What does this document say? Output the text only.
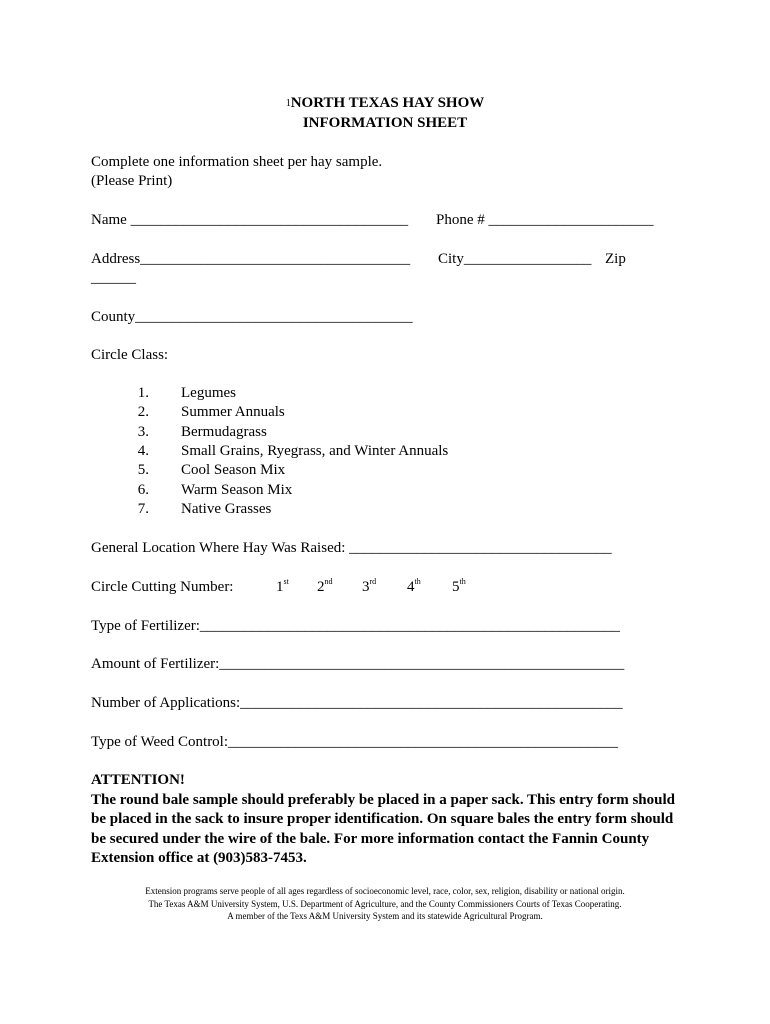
1NORTH TEXAS HAY SHOW
INFORMATION SHEET
Complete one information sheet per hay sample.
(Please Print)
Name _____________________________________ Phone # ______________________
Address____________________________________ City_________________ Zip
______
County_____________________________________
Circle Class:
1. Legumes
2. Summer Annuals
3. Bermudagrass
4. Small Grains, Ryegrass, and Winter Annuals
5. Cool Season Mix
6. Warm Season Mix
7. Native Grasses
General Location Where Hay Was Raised: ___________________________________
Circle Cutting Number:	1st 2nd 3rd 4th 5th
Type of Fertilizer:________________________________________________________
Amount of Fertilizer:______________________________________________________
Number of Applications:___________________________________________________
Type of Weed Control:____________________________________________________
ATTENTION!
The round bale sample should preferably be placed in a paper sack. This entry form should be placed in the sack to insure proper identification. On square bales the entry form should be secured under the wire of the bale. For more information contact the Fannin County Extension office at (903)583-7453.
Extension programs serve people of all ages regardless of socioeconomic level, race, color, sex, religion, disability or national origin.
The Texas A&M University System, U.S. Department of Agriculture, and the County Commissioners Courts of Texas Cooperating.
A member of the Texs A&M University System and its statewide Agricultural Program.
